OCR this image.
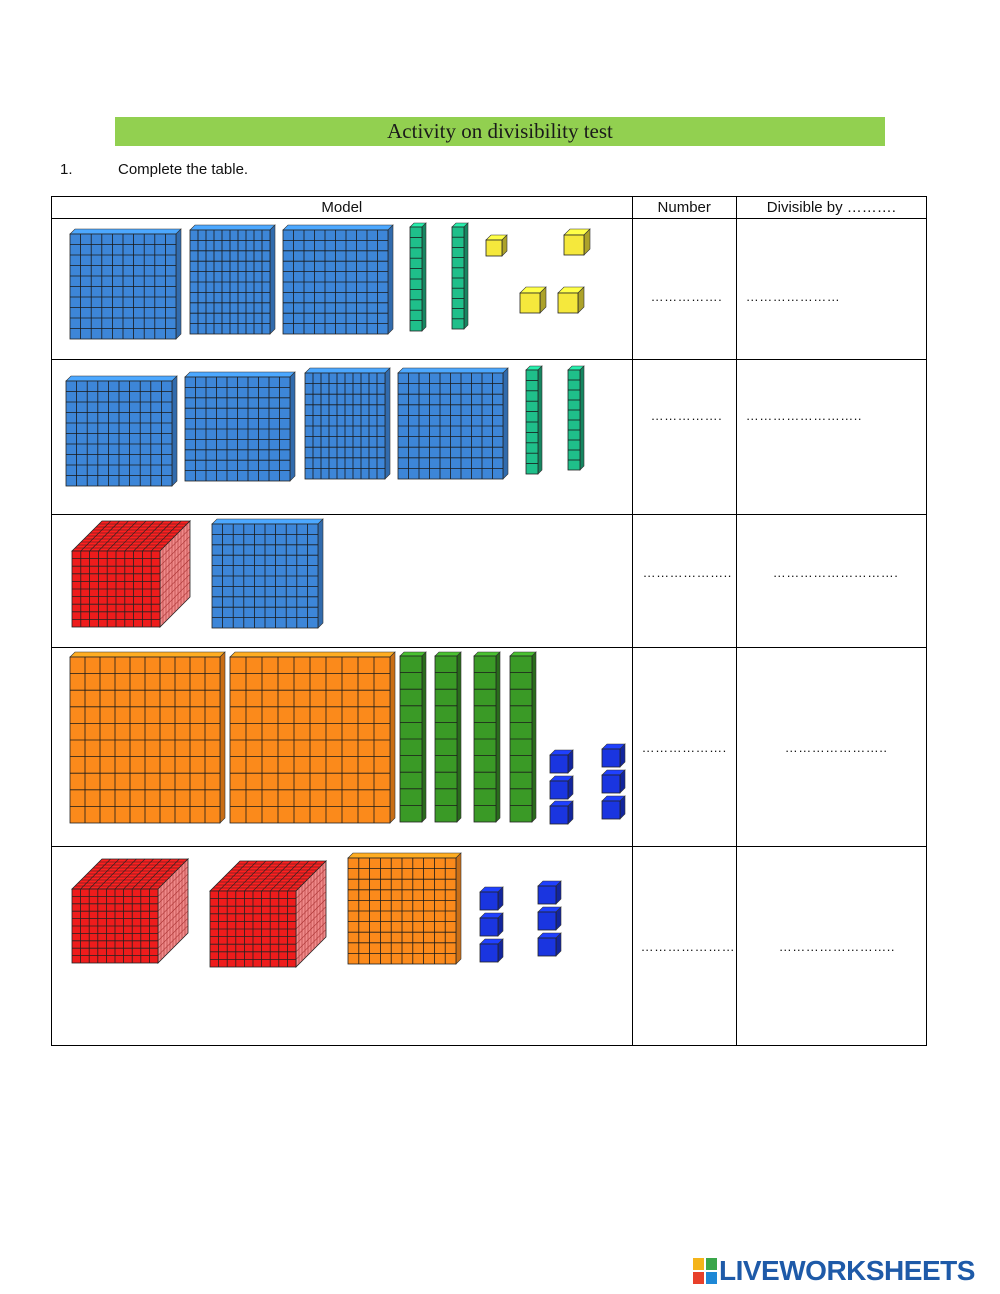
Activity on divisibility test
1.	Complete the table.
Model	Number	Divisible by ……….

…………….	…………………

…………….	……………………..

………………..	……………………….

……………….	…………………..

…………………	……………………..
LIVEWORKSHEETS
